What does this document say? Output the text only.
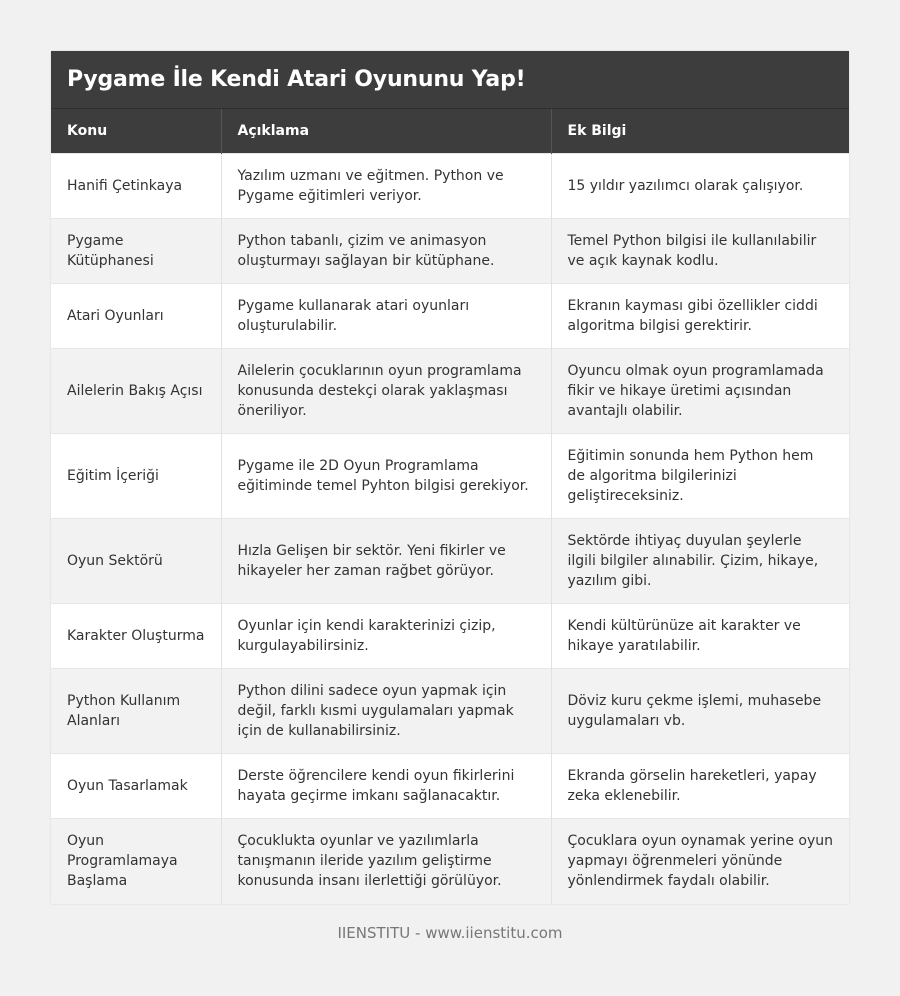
Pygame İle Kendi Atari Oyununu Yap!
Konu	Açıklama	Ek Bilgi
Hanifi Çetinkaya	Yazılım uzmanı ve eğitmen. Python ve Pygame eğitimleri veriyor.	15 yıldır yazılımcı olarak çalışıyor.
Pygame Kütüphanesi	Python tabanlı, çizim ve animasyon oluşturmayı sağlayan bir kütüphane.	Temel Python bilgisi ile kullanılabilir ve açık kaynak kodlu.
Atari Oyunları	Pygame kullanarak atari oyunları oluşturulabilir.	Ekranın kayması gibi özellikler ciddi algoritma bilgisi gerektirir.
Ailelerin Bakış Açısı	Ailelerin çocuklarının oyun programlama konusunda destekçi olarak yaklaşması öneriliyor.	Oyuncu olmak oyun programlamada fikir ve hikaye üretimi açısından avantajlı olabilir.
Eğitim İçeriği	Pygame ile 2D Oyun Programlama eğitiminde temel Pyhton bilgisi gerekiyor.	Eğitimin sonunda hem Python hem de algoritma bilgilerinizi geliştireceksiniz.
Oyun Sektörü	Hızla Gelişen bir sektör. Yeni fikirler ve hikayeler her zaman rağbet görüyor.	Sektörde ihtiyaç duyulan şeylerle ilgili bilgiler alınabilir. Çizim, hikaye, yazılım gibi.
Karakter Oluşturma	Oyunlar için kendi karakterinizi çizip, kurgulayabilirsiniz.	Kendi kültürünüze ait karakter ve hikaye yaratılabilir.
Python Kullanım Alanları	Python dilini sadece oyun yapmak için değil, farklı kısmi uygulamaları yapmak için de kullanabilirsiniz.	Döviz kuru çekme işlemi, muhasebe uygulamaları vb.
Oyun Tasarlamak	Derste öğrencilere kendi oyun fikirlerini hayata geçirme imkanı sağlanacaktır.	Ekranda görselin hareketleri, yapay zeka eklenebilir.
Oyun Programlamaya Başlama	Çocuklukta oyunlar ve yazılımlarla tanışmanın ileride yazılım geliştirme konusunda insanı ilerlettiği görülüyor.	Çocuklara oyun oynamak yerine oyun yapmayı öğrenmeleri yönünde yönlendirmek faydalı olabilir.
IIENSTITU - www.iienstitu.com
